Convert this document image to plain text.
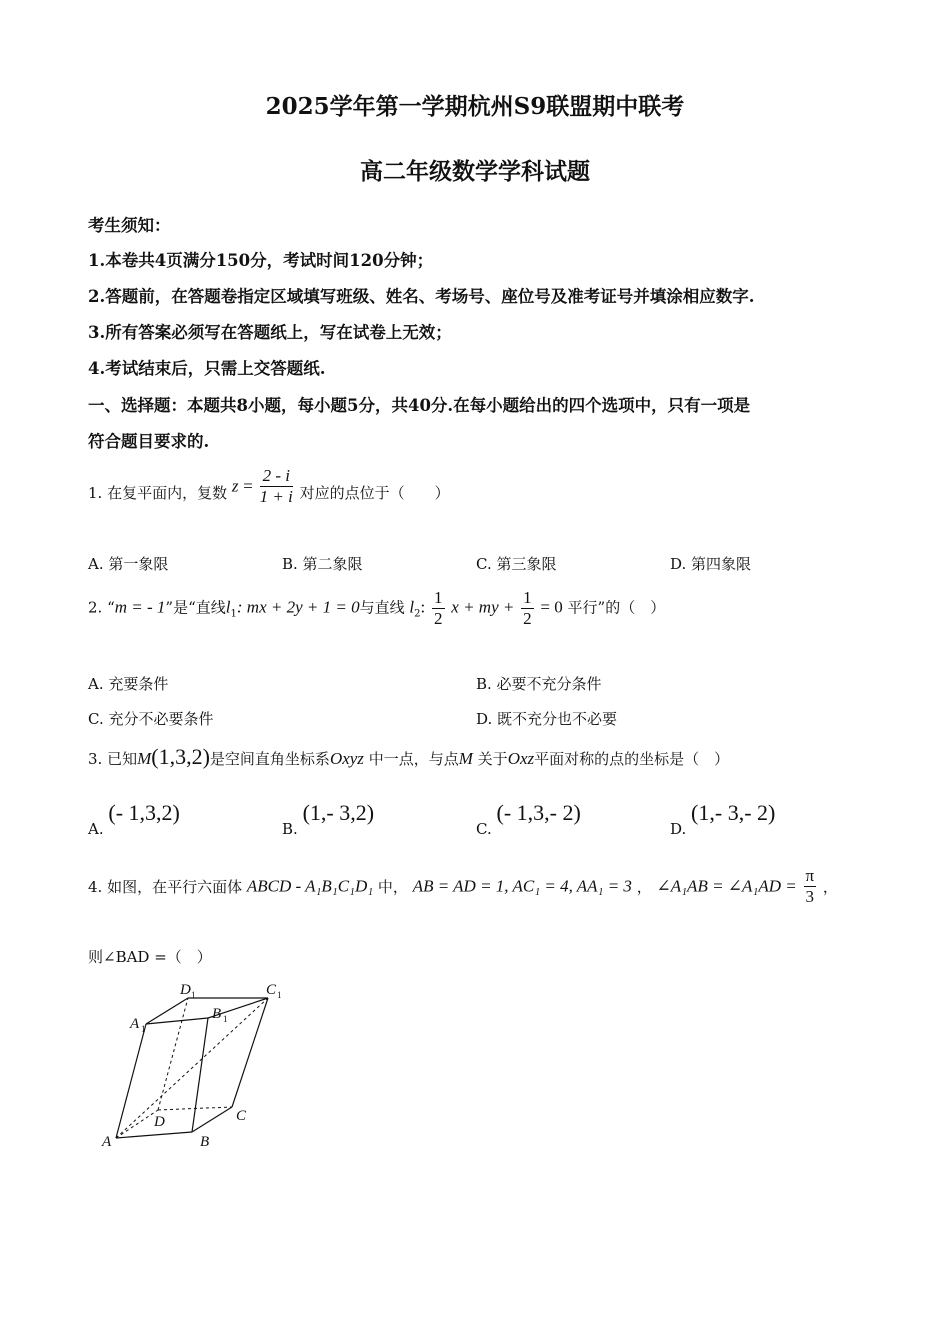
2025学年第一学期杭州S9联盟期中联考
高二年级数学学科试题
考生须知：
1.本卷共4页满分150分，考试时间120分钟；
2.答题前，在答题卷指定区域填写班级、姓名、考场号、座位号及准考证号并填涂相应数字.
3.所有答案必须写在答题纸上，写在试卷上无效；
4.考试结束后，只需上交答题纸.
一、选择题：本题共8小题，每小题5分，共40分.在每小题给出的四个选项中，只有一项是
符合题目要求的.
1. 在复平面内，复数 $z = \frac{2 - i}{1 + i}$ 对应的点位于（　　）
A. 第一象限	B. 第二象限	C. 第三象限	D. 第四象限
2. “m = - 1”是“直线$l_1$: mx + 2y + 1 = 0与直线 $l_2$: $\frac{1}{2}$ x + my + $\frac{1}{2} = 0$ 平行”的（　）
A. 充要条件	B. 必要不充分条件
C. 充分不必要条件	D. 既不充分也不必要
3. 已知M(1,3,2)是空间直角坐标系Oxyz 中一点，与点M 关于Oxz平面对称的点的坐标是（　）
A. (- 1,3,2)
B. (1,- 3,2)
C. (- 1,3,- 2)
D. (1,- 3,- 2)
4. 如图，在平行六面体 ABCD - A₁B₁C₁D₁ 中， AB = AD = 1, AC₁ = 4, AA₁ = 3 ， ∠A₁AB = ∠A₁AD = $\frac{\pi}{3}$ ，
则∠BAD =（　）
A	B
C
D
A
B
C
D
1
1
1
1
